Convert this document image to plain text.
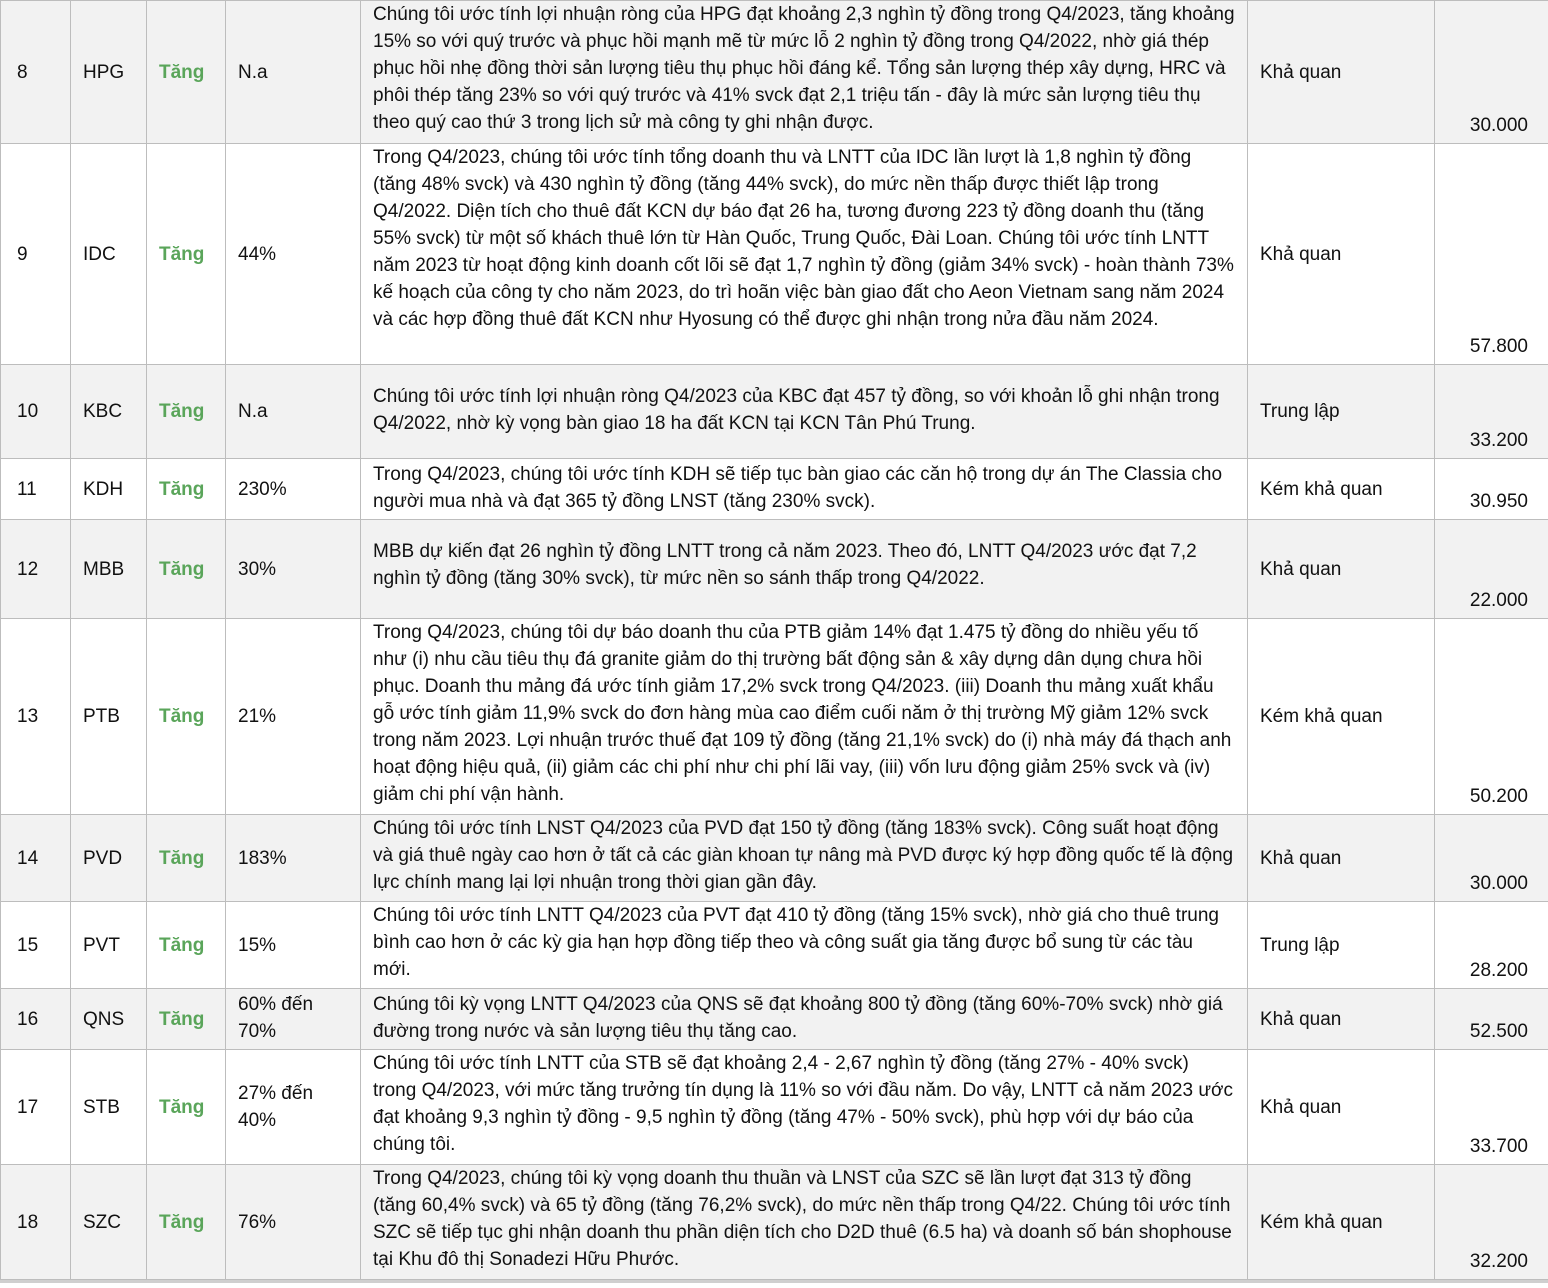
8	HPG	Tăng	N.a	Chúng tôi ước tính lợi nhuận ròng của HPG đạt khoảng 2,3 nghìn tỷ đồng trong Q4/2023, tăng khoảng 15% so với quý trước và phục hồi mạnh mẽ từ mức lỗ 2 nghìn tỷ đồng trong Q4/2022, nhờ giá thép phục hồi nhẹ đồng thời sản lượng tiêu thụ phục hồi đáng kể. Tổng sản lượng thép xây dựng, HRC và phôi thép tăng 23% so với quý trước và 41% svck đạt 2,1 triệu tấn - đây là mức sản lượng tiêu thụ theo quý cao thứ 3 trong lịch sử mà công ty ghi nhận được.	Khả quan	30.000
9	IDC	Tăng	44%	Trong Q4/2023, chúng tôi ước tính tổng doanh thu và LNTT của IDC lần lượt là 1,8 nghìn tỷ đồng (tăng 48% svck) và 430 nghìn tỷ đồng (tăng 44% svck), do mức nền thấp được thiết lập trong Q4/2022. Diện tích cho thuê đất KCN dự báo đạt 26 ha, tương đương 223 tỷ đồng doanh thu (tăng 55% svck) từ một số khách thuê lớn từ Hàn Quốc, Trung Quốc, Đài Loan. Chúng tôi ước tính LNTT năm 2023 từ hoạt động kinh doanh cốt lõi sẽ đạt 1,7 nghìn tỷ đồng (giảm 34% svck) - hoàn thành 73% kế hoạch của công ty cho năm 2023, do trì hoãn việc bàn giao đất cho Aeon Vietnam sang năm 2024 và các hợp đồng thuê đất KCN như Hyosung có thể được ghi nhận trong nửa đầu năm 2024.	Khả quan	57.800
10	KBC	Tăng	N.a	Chúng tôi ước tính lợi nhuận ròng Q4/2023 của KBC đạt 457 tỷ đồng, so với khoản lỗ ghi nhận trong Q4/2022, nhờ kỳ vọng bàn giao 18 ha đất KCN tại KCN Tân Phú Trung.	Trung lập	33.200
11	KDH	Tăng	230%	Trong Q4/2023, chúng tôi ước tính KDH sẽ tiếp tục bàn giao các căn hộ trong dự án The Classia cho người mua nhà và đạt 365 tỷ đồng LNST (tăng 230% svck).	Kém khả quan	30.950
12	MBB	Tăng	30%	MBB dự kiến đạt 26 nghìn tỷ đồng LNTT trong cả năm 2023. Theo đó, LNTT Q4/2023 ước đạt 7,2 nghìn tỷ đồng (tăng 30% svck), từ mức nền so sánh thấp trong Q4/2022.	Khả quan	22.000
13	PTB	Tăng	21%	Trong Q4/2023, chúng tôi dự báo doanh thu của PTB giảm 14% đạt 1.475 tỷ đồng do nhiều yếu tố như (i) nhu cầu tiêu thụ đá granite giảm do thị trường bất động sản & xây dựng dân dụng chưa hồi phục. Doanh thu mảng đá ước tính giảm 17,2% svck trong Q4/2023. (iii) Doanh thu mảng xuất khẩu gỗ ước tính giảm 11,9% svck do đơn hàng mùa cao điểm cuối năm ở thị trường Mỹ giảm 12% svck trong năm 2023. Lợi nhuận trước thuế đạt 109 tỷ đồng (tăng 21,1% svck) do (i) nhà máy đá thạch anh hoạt động hiệu quả, (ii) giảm các chi phí như chi phí lãi vay, (iii) vốn lưu động giảm 25% svck và (iv) giảm chi phí vận hành.	Kém khả quan	50.200
14	PVD	Tăng	183%	Chúng tôi ước tính LNST Q4/2023 của PVD đạt 150 tỷ đồng (tăng 183% svck). Công suất hoạt động và giá thuê ngày cao hơn ở tất cả các giàn khoan tự nâng mà PVD được ký hợp đồng quốc tế là động lực chính mang lại lợi nhuận trong thời gian gần đây.	Khả quan	30.000
15	PVT	Tăng	15%	Chúng tôi ước tính LNTT Q4/2023 của PVT đạt 410 tỷ đồng (tăng 15% svck), nhờ giá cho thuê trung bình cao hơn ở các kỳ gia hạn hợp đồng tiếp theo và công suất gia tăng được bổ sung từ các tàu mới.	Trung lập	28.200
16	QNS	Tăng	60% đến 70%	Chúng tôi kỳ vọng LNTT Q4/2023 của QNS sẽ đạt khoảng 800 tỷ đồng (tăng 60%-70% svck) nhờ giá đường trong nước và sản lượng tiêu thụ tăng cao.	Khả quan	52.500
17	STB	Tăng	27% đến 40%	Chúng tôi ước tính LNTT của STB sẽ đạt khoảng 2,4 - 2,67 nghìn tỷ đồng (tăng 27% - 40% svck) trong Q4/2023, với mức tăng trưởng tín dụng là 11% so với đầu năm. Do vậy, LNTT cả năm 2023 ước đạt khoảng 9,3 nghìn tỷ đồng - 9,5 nghìn tỷ đồng (tăng 47% - 50% svck), phù hợp với dự báo của chúng tôi.	Khả quan	33.700
18	SZC	Tăng	76%	Trong Q4/2023, chúng tôi kỳ vọng doanh thu thuần và LNST của SZC sẽ lần lượt đạt 313 tỷ đồng (tăng 60,4% svck) và 65 tỷ đồng (tăng 76,2% svck), do mức nền thấp trong Q4/22. Chúng tôi ước tính SZC sẽ tiếp tục ghi nhận doanh thu phần diện tích cho D2D thuê (6.5 ha) và doanh số bán shophouse tại Khu đô thị Sonadezi Hữu Phước.	Kém khả quan	32.200
